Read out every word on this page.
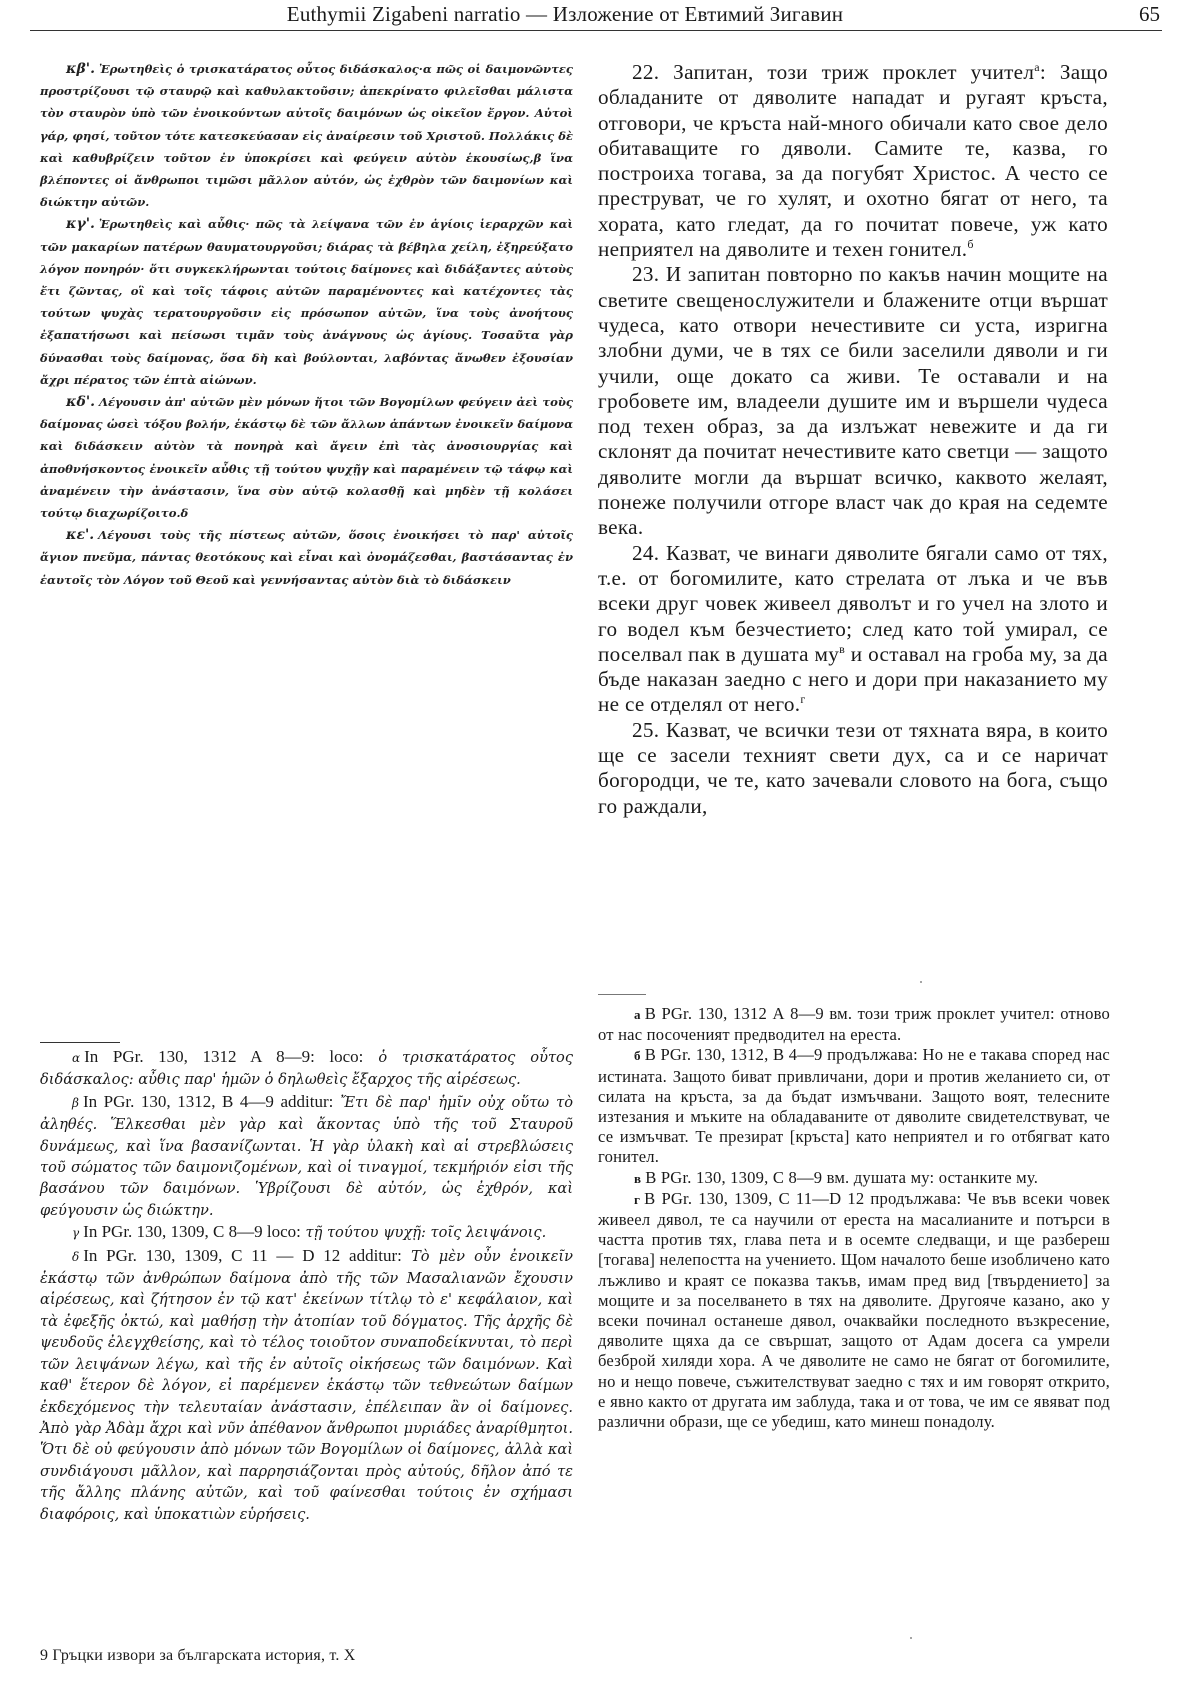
Euthymii Zigabeni narratio — Изложение от Евтимий Зигавин	65

κβ'. Ἐρωτηθεὶς ὁ τρισκατάρατος οὗτος διδάσκαλος·α πῶς οἱ δαιμονῶντες προστρίζουσι τῷ σταυρῷ καὶ καθυλακτοῦσιν; ἀπεκρίνατο φιλεῖσθαι μάλιστα τὸν σταυρὸν ὑπὸ τῶν ἐνοικούντων αὐτοῖς δαιμόνων ὡς οἰκεῖον ἔργον. Αὐτοὶ γάρ, φησί, τοῦτον τότε κατεσκεύασαν εἰς ἀναίρεσιν τοῦ Χριστοῦ. Πολλάκις δὲ καὶ καθυβρίζειν τοῦτον ἐν ὑποκρίσει καὶ φεύγειν αὐτὸν ἑκουσίως,β ἵνα βλέποντες οἱ ἄνθρωποι τιμῶσι μᾶλλον αὐτόν, ὡς ἐχθρὸν τῶν δαιμονίων καὶ διώκτην αὐτῶν.

κγ'. Ἐρωτηθεὶς καὶ αὖθις· πῶς τὰ λείψανα τῶν ἐν ἁγίοις ἱεραρχῶν καὶ τῶν μακαρίων πατέρων θαυματουργοῦσι; διάρας τὰ βέβηλα χείλη, ἐξηρεύξατο λόγον πονηρόν· ὅτι συγκεκλήρωνται τούτοις δαίμονες καὶ διδάξαντες αὐτοὺς ἔτι ζῶντας, οἳ καὶ τοῖς τάφοις αὐτῶν παραμένοντες καὶ κατέχοντες τὰς τούτων ψυχὰς τερατουργοῦσιν εἰς πρόσωπον αὐτῶν, ἵνα τοὺς ἀνοήτους ἐξαπατήσωσι καὶ πείσωσι τιμᾶν τοὺς ἀνάγνους ὡς ἁγίους. Τοσαῦτα γὰρ δύνασθαι τοὺς δαίμονας, ὅσα δὴ καὶ βούλονται, λαβόντας ἄνωθεν ἐξουσίαν ἄχρι πέρατος τῶν ἑπτὰ αἰώνων.

κδ'. Λέγουσιν ἀπ' αὐτῶν μὲν μόνων ἤτοι τῶν Βογομίλων φεύγειν ἀεὶ τοὺς δαίμονας ὡσεὶ τόξου βολήν, ἑκάστῳ δὲ τῶν ἄλλων ἁπάντων ἐνοικεῖν δαίμονα καὶ διδάσκειν αὐτὸν τὰ πονηρὰ καὶ ἄγειν ἐπὶ τὰς ἀνοσιουργίας καὶ ἀποθνήσκοντος ἐνοικεῖν αὖθις τῇ τούτου ψυχῇγ καὶ παραμένειν τῷ τάφῳ καὶ ἀναμένειν τὴν ἀνάστασιν, ἵνα σὺν αὐτῷ κολασθῇ καὶ μηδὲν τῇ κολάσει τούτῳ διαχωρίζοιτο.δ

κε'. Λέγουσι τοὺς τῆς πίστεως αὐτῶν, ὅσοις ἐνοικήσει τὸ παρ' αὐτοῖς ἅγιον πνεῦμα, πάντας θεοτόκους καὶ εἶναι καὶ ὀνομάζεσθαι, βαστάσαντας ἐν ἑαυτοῖς τὸν Λόγον τοῦ Θεοῦ καὶ γεννήσαντας αὐτὸν διὰ τὸ διδάσκειν

22. Запитан, този триж проклет учител$^а$: Защо обладаните от дяволите нападат и ругаят кръста, отговори, че кръста най-много обичали като свое дело обитаващите го дяволи. Самите те, казва, го построиха тогава, за да погубят Христос. А често се преструват, че го хулят, и охотно бягат от него, та хората, като гледат, да го почитат повече, уж като неприятел на дяволите и техен гонител.$^б$

23. И запитан повторно по какъв начин мощите на светите свещенослужители и блажените отци вършат чудеса, като отвори нечестивите си уста, изригна злобни думи, че в тях се били заселили дяволи и ги учили, още докато са живи. Те оставали и на гробовете им, владеели душите им и вършели чудеса под техен образ, за да излъжат невежите и да ги склонят да почитат нечестивите като светци — защото дяволите могли да вършат всичко, каквото желаят, понеже получили отгоре власт чак до края на седемте века.

24. Казват, че винаги дяволите бягали само от тях, т.е. от богомилите, като стрелата от лъка и че във всеки друг човек живеел дяволът и го учел на злото и го водел към безчестието; след като той умирал, се поселвал пак в душата $му^в$ и оставал на гроба му, за да бъде наказан заедно с него и дори при наказанието му не се отделял от него.$^г$

25. Казват, че всички тези от тяхната вяра, в които ще се засели техният свети дух, са и се наричат богородци, че те, като зачевали словото на бога, също го раждали,

α In PGr. 130, 1312 A 8—9: loco: ὁ τρισκατάρατος οὗτος διδάσκαλος: αὖθις παρ' ἡμῶν ὁ δηλωθεὶς ἔξαρχος τῆς αἱρέσεως.

β In PGr. 130, 1312, B 4—9 additur: Ἔτι δὲ παρ' ἡμῖν οὐχ οὕτω τὸ ἀληθές. Ἕλκεσθαι μὲν γὰρ καὶ ἄκοντας ὑπὸ τῆς τοῦ Σταυροῦ δυνάμεως, καὶ ἵνα βασανίζωνται. Ἡ γὰρ ὑλακὴ καὶ αἱ στρεβλώσεις τοῦ σώματος τῶν δαιμονιζομένων, καὶ οἱ τιναγμοί, τεκμήριόν εἰσι τῆς βασάνου τῶν δαιμόνων. Ὑβρίζουσι δὲ αὐτόν, ὡς ἐχθρόν, καὶ φεύγουσιν ὡς διώκτην.

γ In PGr. 130, 1309, C 8—9 loco: τῇ τούτου ψυχῇ: τοῖς λειψάνοις.

δ In PGr. 130, 1309, C 11 — D 12 additur: Τὸ μὲν οὖν ἐνοικεῖν ἑκάστῳ τῶν ἀνθρώπων δαίμονα ἀπὸ τῆς τῶν Μασαλιανῶν ἔχουσιν αἱρέσεως, καὶ ζήτησον ἐν τῷ κατ' ἐκείνων τίτλῳ τὸ ε' κεφάλαιον, καὶ τὰ ἐφεξῆς ὀκτώ, καὶ μαθήσῃ τὴν ἀτοπίαν τοῦ δόγματος. Τῆς ἀρχῆς δὲ ψευδοῦς ἐλεγχθείσης, καὶ τὸ τέλος τοιοῦτον συναποδείκνυται, τὸ περὶ τῶν λειψάνων λέγω, καὶ τῆς ἐν αὐτοῖς οἰκήσεως τῶν δαιμόνων. Καὶ καθ' ἕτερον δὲ λόγον, εἰ παρέμενεν ἑκάστῳ τῶν τεθνεώτων δαίμων ἐκδεχόμενος τὴν τελευταίαν ἀνάστασιν, ἐπέλειπαν ἂν οἱ δαίμονες. Ἀπὸ γὰρ Ἀδὰμ ἄχρι καὶ νῦν ἀπέθανον ἄνθρωποι μυριάδες ἀναρίθμητοι. Ὅτι δὲ οὐ φεύγουσιν ἀπὸ μόνων τῶν Βογομίλων οἱ δαίμονες, ἀλλὰ καὶ συνδιάγουσι μᾶλλον, καὶ παρρησιάζονται πρὸς αὐτούς, δῆλον ἀπό τε τῆς ἄλλης πλάνης αὐτῶν, καὶ τοῦ φαίνεσθαι τούτοις ἐν σχήμασι διαφόροις, καὶ ὑποκατιὼν εὑρήσεις.

а В PGr. 130, 1312 А 8—9 вм. този триж проклет учител: отново от нас посоченият предводител на ереста.

б В PGr. 130, 1312, В 4—9 продължава: Но не е такава според нас истината. Защото биват привличани, дори и против желанието си, от силата на кръста, за да бъдат измъчвани. Защото воят, телесните изтезания и мъките на обладаваните от дяволите свидетелствуват, че се измъчват. Те презират [кръста] като неприятел и го отбягват като гонител.

в В PGr. 130, 1309, С 8—9 вм. душата му: останките му.

г В PGr. 130, 1309, С 11—D 12 продължава: Че във всеки човек живеел дявол, те са научили от ереста на масалианите и потърси в частта против тях, глава пета и в осемте следващи, и ще разбереш [тогава] нелепостта на учението. Щом началото беше изобличено като лъжливо и краят се показва такъв, имам пред вид [твърдението] за мощите и за поселването в тях на дяволите. Другояче казано, ако у всеки починал останеше дявол, очаквайки последното възкресение, дяволите щяха да се свършат, защото от Адам досега са умрели безброй хиляди хора. А че дяволите не само не бягат от богомилите, но и нещо повече, съжителствуват заедно с тях и им говорят открито, е явно както от другата им заблуда, така и от това, че им се явяват под различни образи, ще се убедиш, като минеш понадолу.

9 Гръцки извори за българската история, т. X
